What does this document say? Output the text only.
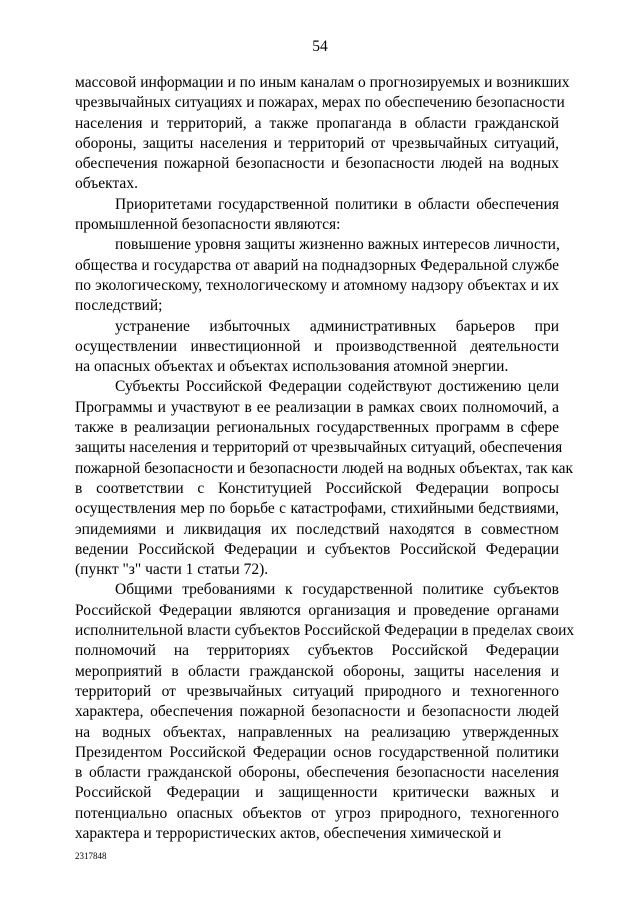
54
массовой информации и по иным каналам о прогнозируемых и возникших
чрезвычайных ситуациях и пожарах, мерах по обеспечению безопасности
населения и территорий, а также пропаганда в области гражданской
обороны, защиты населения и территорий от чрезвычайных ситуаций,
обеспечения пожарной безопасности и безопасности людей на водных
объектах.
Приоритетами государственной политики в области обеспечения
промышленной безопасности являются:
повышение уровня защиты жизненно важных интересов личности,
общества и государства от аварий на поднадзорных Федеральной службе
по экологическому, технологическому и атомному надзору объектах и их
последствий;
устранение избыточных административных барьеров при
осуществлении инвестиционной и производственной деятельности
на опасных объектах и объектах использования атомной энергии.
Субъекты Российской Федерации содействуют достижению цели
Программы и участвуют в ее реализации в рамках своих полномочий, а
также в реализации региональных государственных программ в сфере
защиты населения и территорий от чрезвычайных ситуаций, обеспечения
пожарной безопасности и безопасности людей на водных объектах, так как
в соответствии с Конституцией Российской Федерации вопросы
осуществления мер по борьбе с катастрофами, стихийными бедствиями,
эпидемиями и ликвидация их последствий находятся в совместном
ведении Российской Федерации и субъектов Российской Федерации
(пункт "з" части 1 статьи 72).
Общими требованиями к государственной политике субъектов
Российской Федерации являются организация и проведение органами
исполнительной власти субъектов Российской Федерации в пределах своих
полномочий на территориях субъектов Российской Федерации
мероприятий в области гражданской обороны, защиты населения и
территорий от чрезвычайных ситуаций природного и техногенного
характера, обеспечения пожарной безопасности и безопасности людей
на водных объектах, направленных на реализацию утвержденных
Президентом Российской Федерации основ государственной политики
в области гражданской обороны, обеспечения безопасности населения
Российской Федерации и защищенности критически важных и
потенциально опасных объектов от угроз природного, техногенного
характера и террористических актов, обеспечения химической и
2317848
